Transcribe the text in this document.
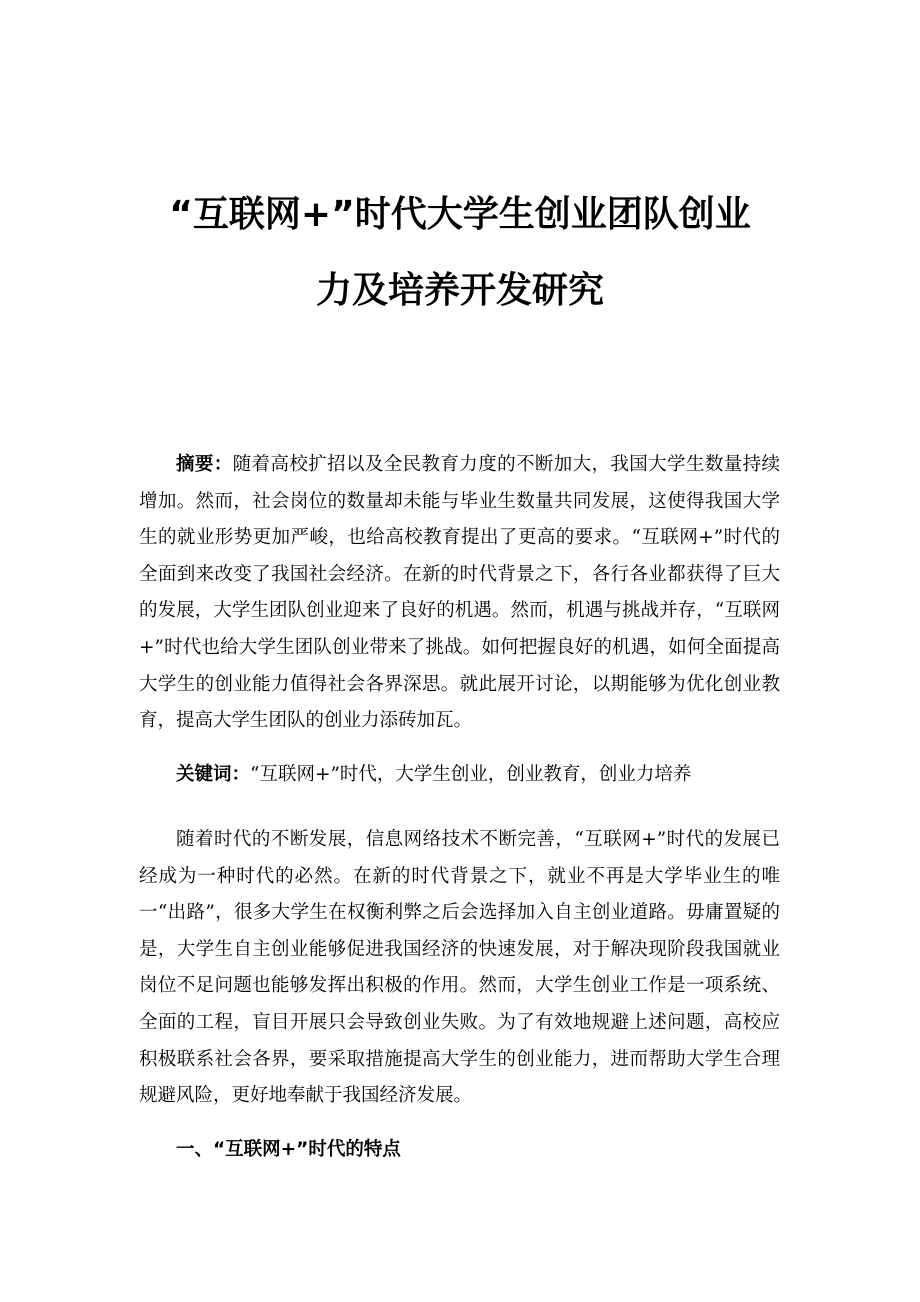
“互联网+”时代大学生创业团队创业
力及培养开发研究
摘要：随着高校扩招以及全民教育力度的不断加大，我国大学生数量持续增加。然而，社会岗位的数量却未能与毕业生数量共同发展，这使得我国大学生的就业形势更加严峻，也给高校教育提出了更高的要求。“互联网+”时代的全面到来改变了我国社会经济。在新的时代背景之下，各行各业都获得了巨大的发展，大学生团队创业迎来了良好的机遇。然而，机遇与挑战并存，“互联网+”时代也给大学生团队创业带来了挑战。如何把握良好的机遇，如何全面提高大学生的创业能力值得社会各界深思。就此展开讨论，以期能够为优化创业教育，提高大学生团队的创业力添砖加瓦。
关键词：“互联网+”时代，大学生创业，创业教育，创业力培养
随着时代的不断发展，信息网络技术不断完善，“互联网+”时代的发展已经成为一种时代的必然。在新的时代背景之下，就业不再是大学毕业生的唯一“出路”，很多大学生在权衡利弊之后会选择加入自主创业道路。毋庸置疑的是，大学生自主创业能够促进我国经济的快速发展，对于解决现阶段我国就业岗位不足问题也能够发挥出积极的作用。然而，大学生创业工作是一项系统、全面的工程，盲目开展只会导致创业失败。为了有效地规避上述问题，高校应积极联系社会各界，要采取措施提高大学生的创业能力，进而帮助大学生合理规避风险，更好地奉献于我国经济发展。
一、“互联网+”时代的特点
